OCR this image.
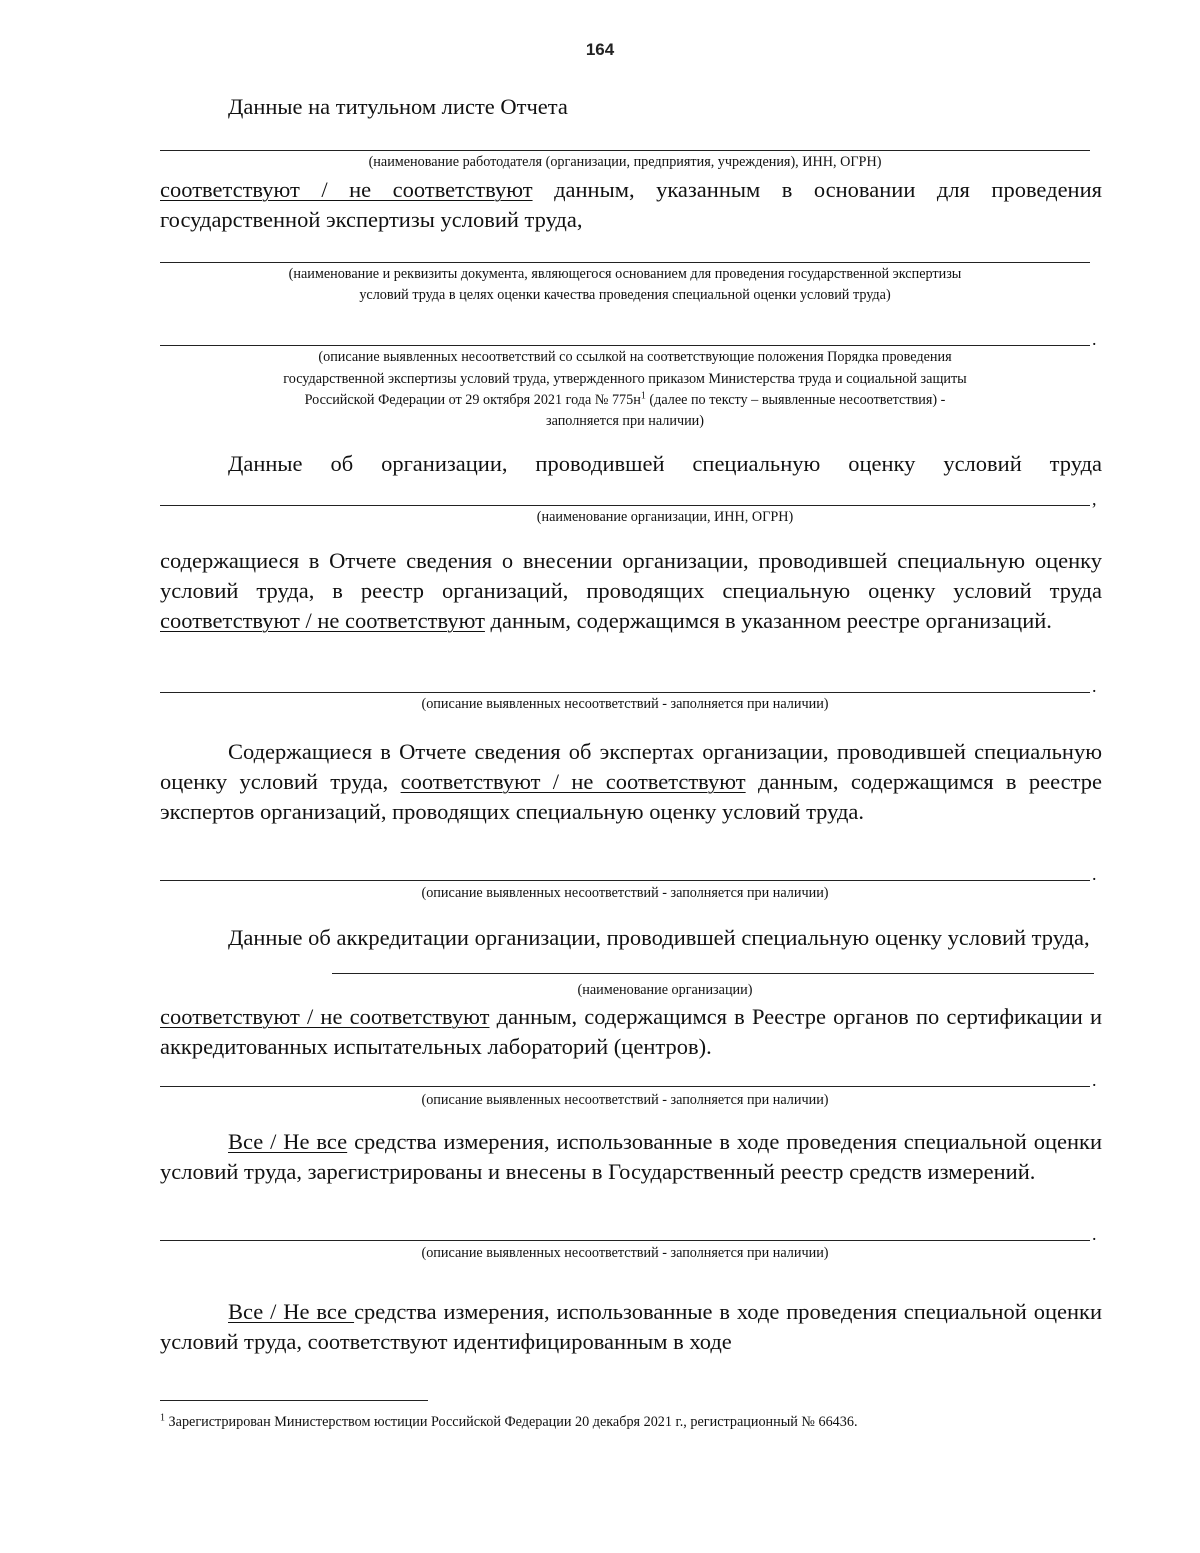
164
Данные на титульном листе Отчета
(наименование работодателя (организации, предприятия, учреждения), ИНН, ОГРН)
соответствуют / не соответствуют данным, указанным в основании для проведения государственной экспертизы условий труда,
(наименование и реквизиты документа, являющегося основанием для проведения государственной экспертизы
условий труда в целях оценки качества проведения специальной оценки условий труда)
.
(описание выявленных несоответствий со ссылкой на соответствующие положения Порядка проведения
государственной экспертизы условий труда, утвержденного приказом Министерства труда и социальной защиты
Российской Федерации от 29 октября 2021 года № $775н^1$ (далее по тексту – выявленные несоответствия) -
заполняется при наличии)
Данные об организации, проводившей специальную оценку условий труда
,
(наименование организации, ИНН, ОГРН)
содержащиеся в Отчете сведения о внесении организации, проводившей специальную оценку условий труда, в реестр организаций, проводящих специальную оценку условий труда соответствуют / не соответствуют данным, содержащимся в указанном реестре организаций.
.
(описание выявленных несоответствий - заполняется при наличии)
Содержащиеся в Отчете сведения об экспертах организации, проводившей специальную оценку условий труда, соответствуют / не соответствуют данным, содержащимся в реестре экспертов организаций, проводящих специальную оценку условий труда.
.
(описание выявленных несоответствий - заполняется при наличии)
Данные об аккредитации организации, проводившей специальную оценку условий труда,
(наименование организации)
соответствуют / не соответствуют данным, содержащимся в Реестре органов по сертификации и аккредитованных испытательных лабораторий (центров).
.
(описание выявленных несоответствий - заполняется при наличии)
Все / Не все средства измерения, использованные в ходе проведения специальной оценки условий труда, зарегистрированы и внесены в Государственный реестр средств измерений.
.
(описание выявленных несоответствий - заполняется при наличии)
Все / Не все средства измерения, использованные в ходе проведения специальной оценки условий труда, соответствуют идентифицированным в ходе
$^1$ Зарегистрирован Министерством юстиции Российской Федерации 20 декабря 2021 г., регистрационный № 66436.
